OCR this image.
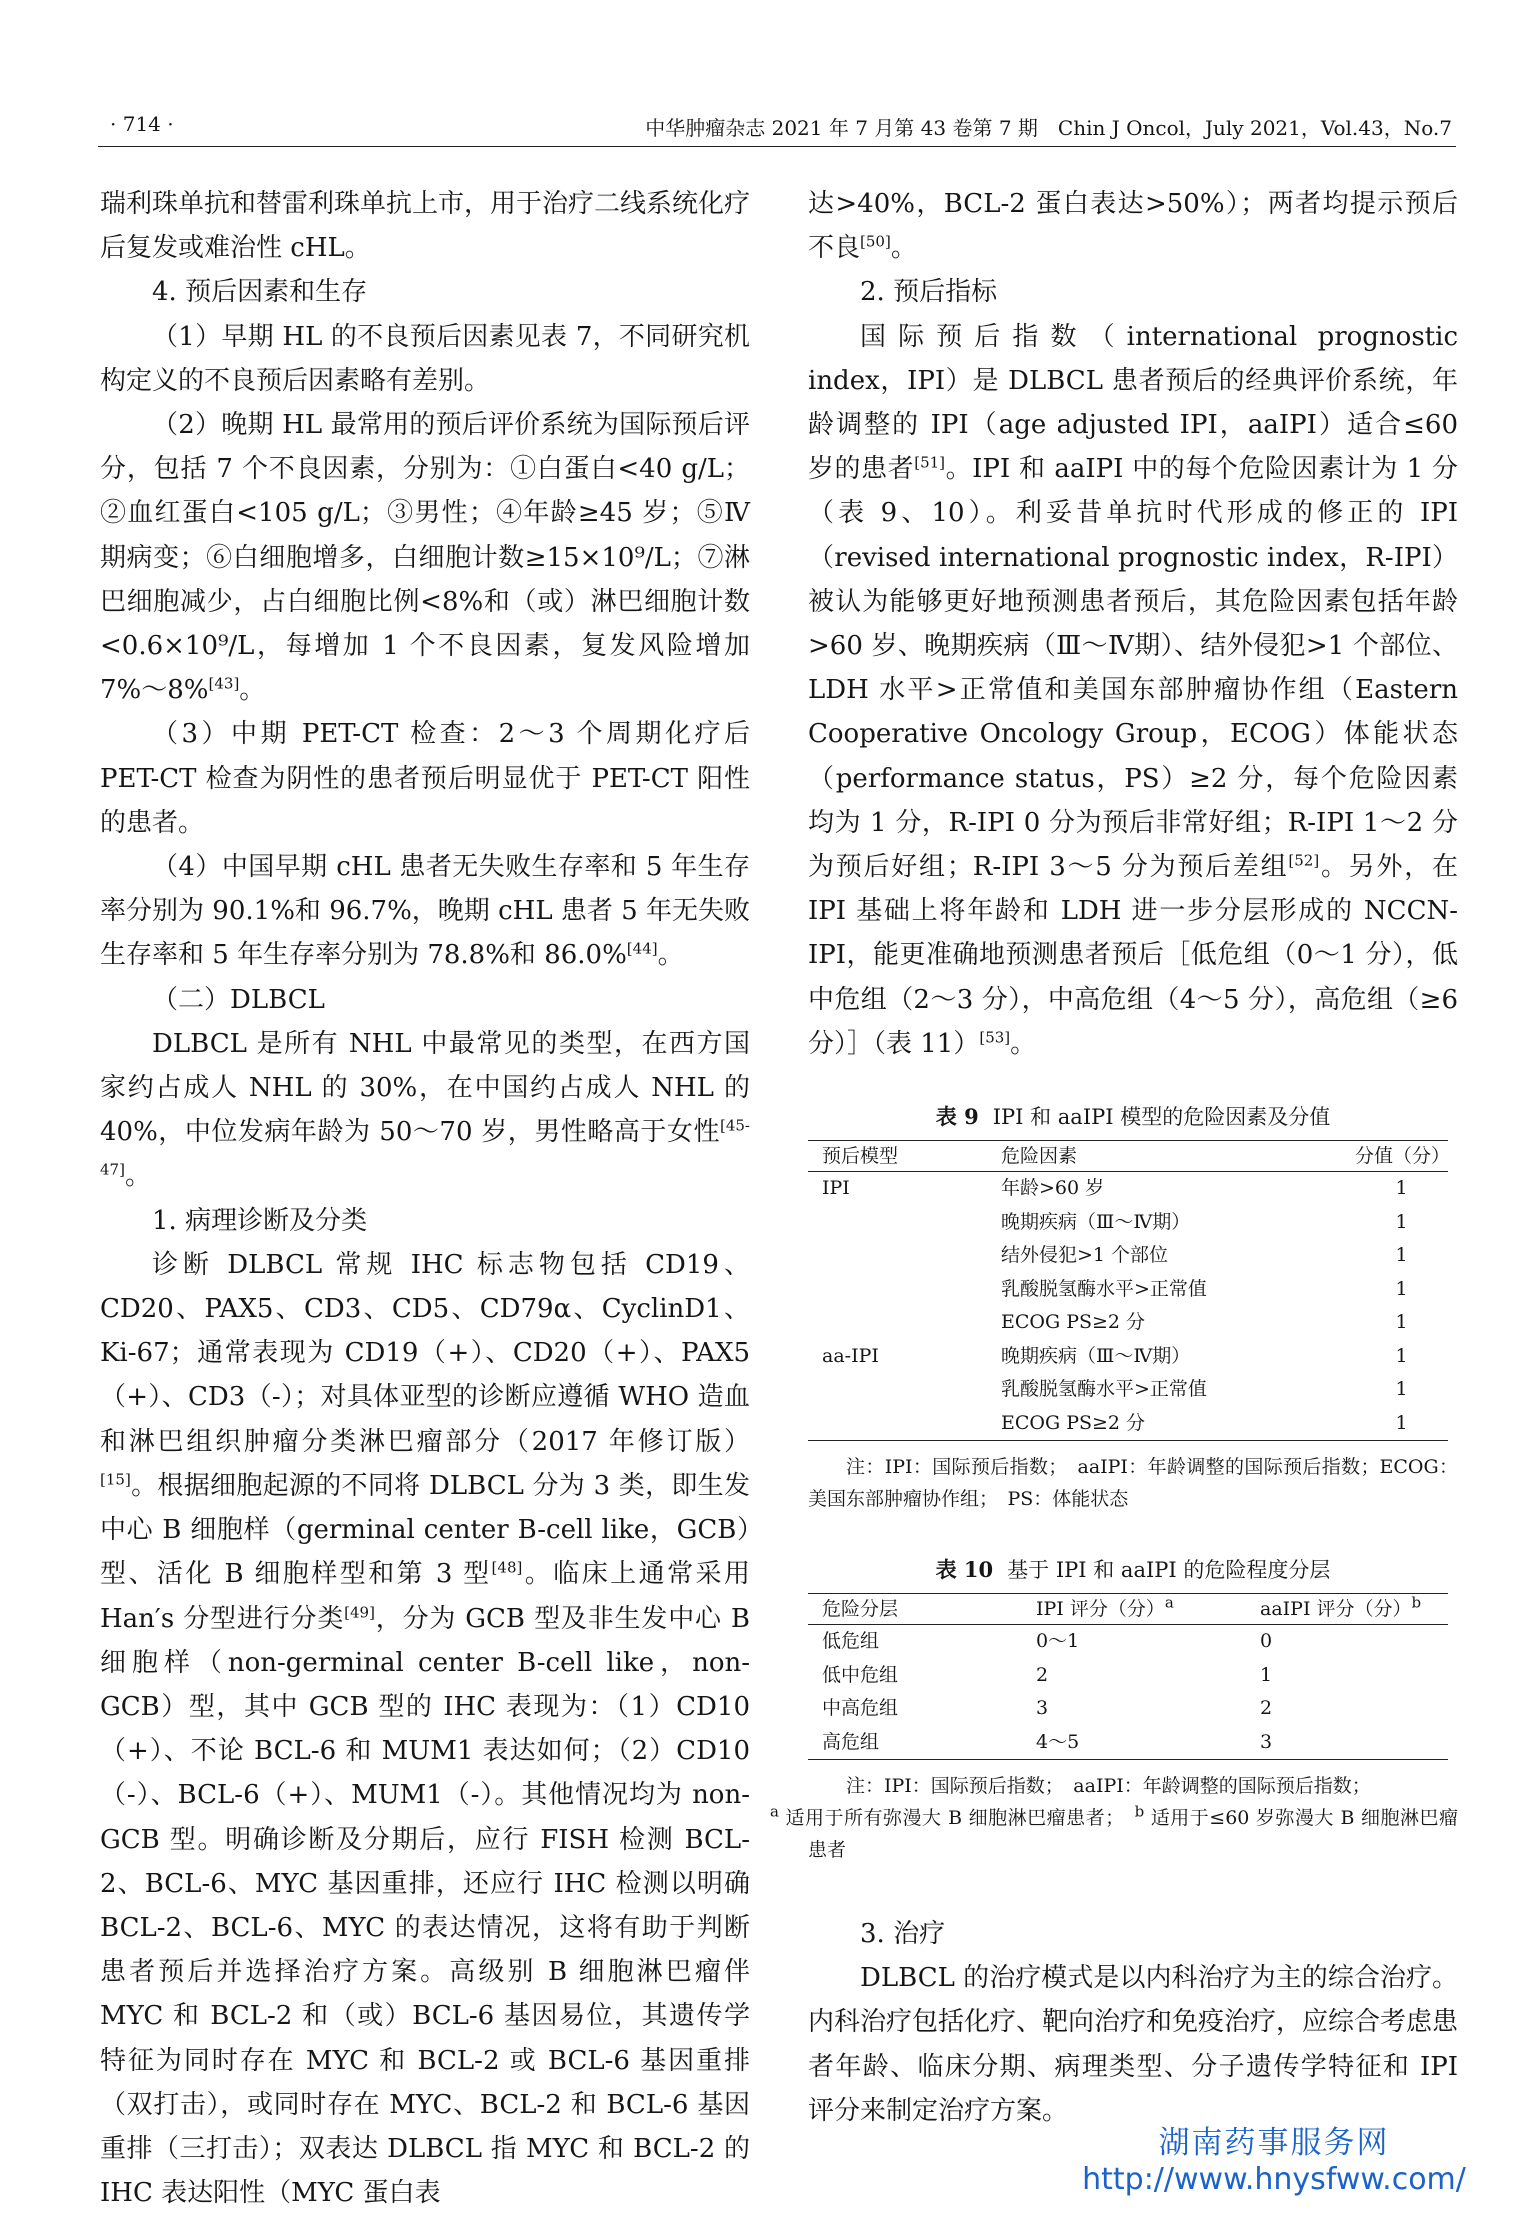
· 714 ·	中华肿瘤杂志 2021 年 7 月第 43 卷第 7 期　Chin J Oncol，July 2021，Vol.43，No.7

瑞利珠单抗和替雷利珠单抗上市，用于治疗二线系统化疗后复发或难治性 cHL。

4. 预后因素和生存

（1）早期 HL 的不良预后因素见表 7，不同研究机构定义的不良预后因素略有差别。

（2）晚期 HL 最常用的预后评价系统为国际预后评分，包括 7 个不良因素，分别为：①白蛋白<40 g/L；②血红蛋白<105 g/L；③男性；④年龄≥45 岁；⑤Ⅳ期病变；⑥白细胞增多，白细胞计数≥15×10⁹/L；⑦淋巴细胞减少，占白细胞比例<8%和（或）淋巴细胞计数<0.6×10⁹/L，每增加 1 个不良因素，复发风险增加 7%～8%[43]。

（3）中期 PET-CT 检查：2～3 个周期化疗后 PET-CT 检查为阴性的患者预后明显优于 PET-CT 阳性的患者。

（4）中国早期 cHL 患者无失败生存率和 5 年生存率分别为 90.1%和 96.7%，晚期 cHL 患者 5 年无失败生存率和 5 年生存率分别为 78.8%和 86.0%[44]。

（二）DLBCL

DLBCL 是所有 NHL 中最常见的类型，在西方国家约占成人 NHL 的 30%，在中国约占成人 NHL 的 40%，中位发病年龄为 50～70 岁，男性略高于女性[45-47]。

1. 病理诊断及分类

诊断 DLBCL 常规 IHC 标志物包括 CD19、CD20、PAX5、CD3、CD5、CD79α、CyclinD1、Ki-67；通常表现为 CD19（+）、CD20（+）、PAX5（+）、CD3（-）；对具体亚型的诊断应遵循 WHO 造血和淋巴组织肿瘤分类淋巴瘤部分（2017 年修订版）[15]。根据细胞起源的不同将 DLBCL 分为 3 类，即生发中心 B 细胞样（germinal center B-cell like，GCB）型、活化 B 细胞样型和第 3 型[48]。临床上通常采用 Han′s 分型进行分类[49]，分为 GCB 型及非生发中心 B 细胞样（non-germinal center B-cell like，non-GCB）型，其中 GCB 型的 IHC 表现为：（1）CD10（+）、不论 BCL-6 和 MUM1 表达如何；（2）CD10（-）、BCL-6（+）、MUM1（-）。其他情况均为 non-GCB 型。明确诊断及分期后，应行 FISH 检测 BCL-2、BCL-6、MYC 基因重排，还应行 IHC 检测以明确 BCL-2、BCL-6、MYC 的表达情况，这将有助于判断患者预后并选择治疗方案。高级别 B 细胞淋巴瘤伴 MYC 和 BCL-2 和（或）BCL-6 基因易位，其遗传学特征为同时存在 MYC 和 BCL-2 或 BCL-6 基因重排（双打击），或同时存在 MYC、BCL-2 和 BCL-6 基因重排（三打击）；双表达 DLBCL 指 MYC 和 BCL-2 的 IHC 表达阳性（MYC 蛋白表

达>40%，BCL-2 蛋白表达>50%）；两者均提示预后不良[50]。

2. 预后指标

国际预后指数（international prognostic index，IPI）是 DLBCL 患者预后的经典评价系统，年龄调整的 IPI（age adjusted IPI，aaIPI）适合≤60 岁的患者[51]。IPI 和 aaIPI 中的每个危险因素计为 1 分（表 9、10）。利妥昔单抗时代形成的修正的 IPI（revised international prognostic index，R-IPI）被认为能够更好地预测患者预后，其危险因素包括年龄>60 岁、晚期疾病（Ⅲ～Ⅳ期）、结外侵犯>1 个部位、LDH 水平>正常值和美国东部肿瘤协作组（Eastern Cooperative Oncology Group，ECOG）体能状态（performance status，PS）≥2 分，每个危险因素均为 1 分，R-IPI 0 分为预后非常好组；R-IPI 1～2 分为预后好组；R-IPI 3～5 分为预后差组[52]。另外，在 IPI 基础上将年龄和 LDH 进一步分层形成的 NCCN-IPI，能更准确地预测患者预后［低危组（0～1 分），低中危组（2～3 分），中高危组（4～5 分），高危组（≥6 分）］（表 11）[53]。

表 9 IPI 和 aaIPI 模型的危险因素及分值
预后模型	危险因素	分值（分）
IPI	年龄>60 岁	1
	晚期疾病（Ⅲ～Ⅳ期）	1
	结外侵犯>1 个部位	1
	乳酸脱氢酶水平>正常值	1
	ECOG PS≥2 分	1
aa-IPI	晚期疾病（Ⅲ～Ⅳ期）	1
	乳酸脱氢酶水平>正常值	1
	ECOG PS≥2 分	1
注：IPI：国际预后指数；　aaIPI：年龄调整的国际预后指数；ECOG：美国东部肿瘤协作组；　PS：体能状态
表 10 基于 IPI 和 aaIPI 的危险程度分层
危险分层	IPI 评分（分）$^a$	aaIPI 评分（分）$^b$
低危组	0～1	0
低中危组	2	1
中高危组	3	2
高危组	4～5	3
注：IPI：国际预后指数；　aaIPI：年龄调整的国际预后指数；
$^a$ 适用于所有弥漫大 B 细胞淋巴瘤患者；　$^b$ 适用于≤60 岁弥漫大 B 细胞淋巴瘤患者

3. 治疗

DLBCL 的治疗模式是以内科治疗为主的综合治疗。内科治疗包括化疗、靶向治疗和免疫治疗，应综合考虑患者年龄、临床分期、病理类型、分子遗传学特征和 IPI 评分来制定治疗方案。

湖南药事服务网
http://www.hnysfww.com/
